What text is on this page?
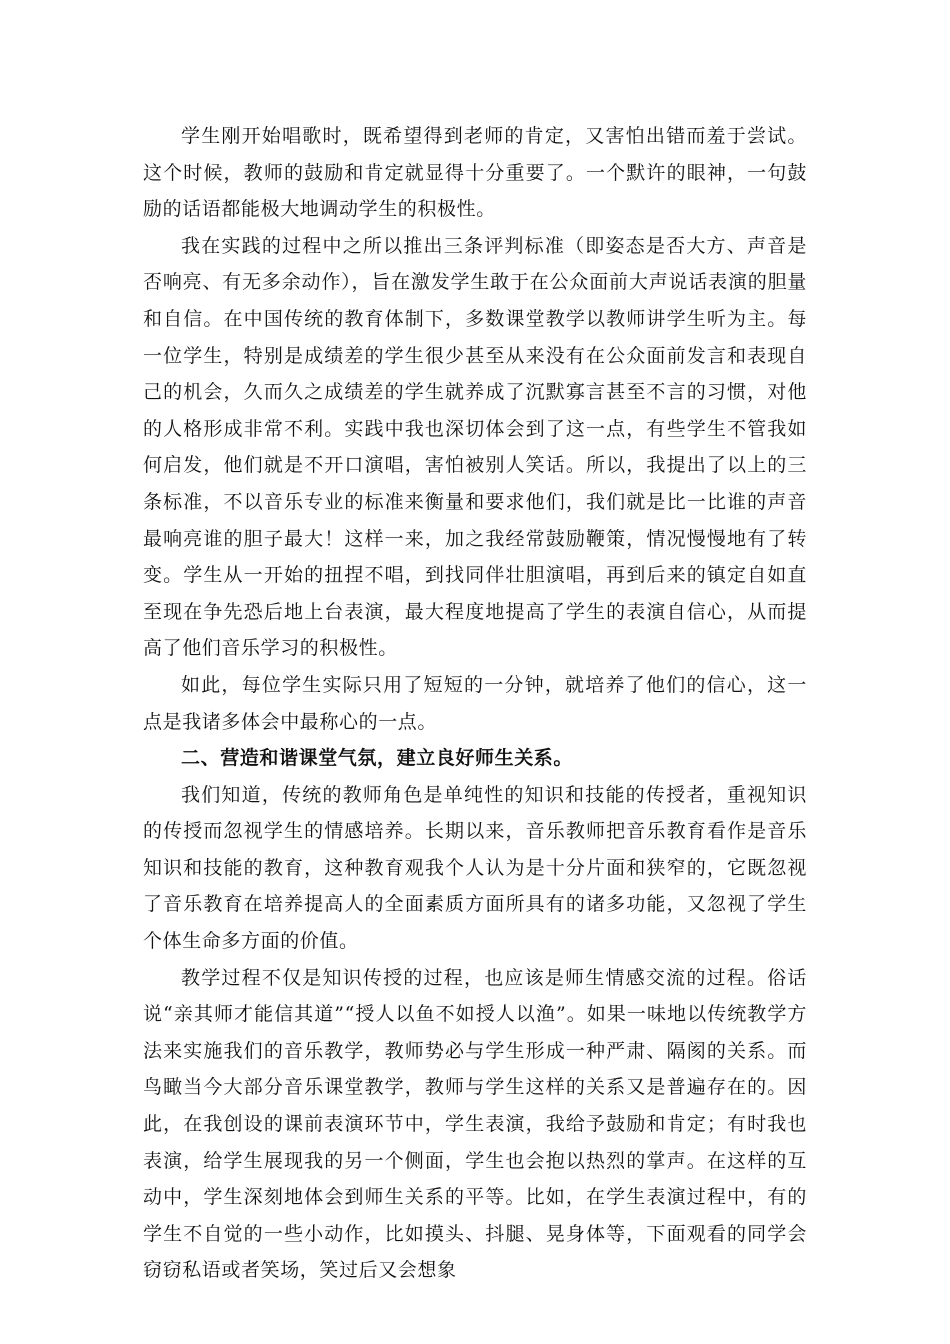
学生刚开始唱歌时，既希望得到老师的肯定，又害怕出错而羞于尝试。这个时候，教师的鼓励和肯定就显得十分重要了。一个默许的眼神，一句鼓励的话语都能极大地调动学生的积极性。

我在实践的过程中之所以推出三条评判标准（即姿态是否大方、声音是否响亮、有无多余动作），旨在激发学生敢于在公众面前大声说话表演的胆量和自信。在中国传统的教育体制下，多数课堂教学以教师讲学生听为主。每一位学生，特别是成绩差的学生很少甚至从来没有在公众面前发言和表现自己的机会，久而久之成绩差的学生就养成了沉默寡言甚至不言的习惯，对他的人格形成非常不利。实践中我也深切体会到了这一点，有些学生不管我如何启发，他们就是不开口演唱，害怕被别人笑话。所以，我提出了以上的三条标准，不以音乐专业的标准来衡量和要求他们，我们就是比一比谁的声音最响亮谁的胆子最大！这样一来，加之我经常鼓励鞭策，情况慢慢地有了转变。学生从一开始的扭捏不唱，到找同伴壮胆演唱，再到后来的镇定自如直至现在争先恐后地上台表演，最大程度地提高了学生的表演自信心，从而提高了他们音乐学习的积极性。

如此，每位学生实际只用了短短的一分钟，就培养了他们的信心，这一点是我诸多体会中最称心的一点。

二、营造和谐课堂气氛，建立良好师生关系。

我们知道，传统的教师角色是单纯性的知识和技能的传授者，重视知识的传授而忽视学生的情感培养。长期以来，音乐教师把音乐教育看作是音乐知识和技能的教育，这种教育观我个人认为是十分片面和狭窄的，它既忽视了音乐教育在培养提高人的全面素质方面所具有的诸多功能，又忽视了学生个体生命多方面的价值。

教学过程不仅是知识传授的过程，也应该是师生情感交流的过程。俗话说“亲其师才能信其道”“授人以鱼不如授人以渔”。如果一味地以传统教学方法来实施我们的音乐教学，教师势必与学生形成一种严肃、隔阂的关系。而鸟瞰当今大部分音乐课堂教学，教师与学生这样的关系又是普遍存在的。因此，在我创设的课前表演环节中，学生表演，我给予鼓励和肯定；有时我也表演，给学生展现我的另一个侧面，学生也会抱以热烈的掌声。在这样的互动中，学生深刻地体会到师生关系的平等。比如，在学生表演过程中，有的学生不自觉的一些小动作，比如摸头、抖腿、晃身体等，下面观看的同学会窃窃私语或者笑场，笑过后又会想象
